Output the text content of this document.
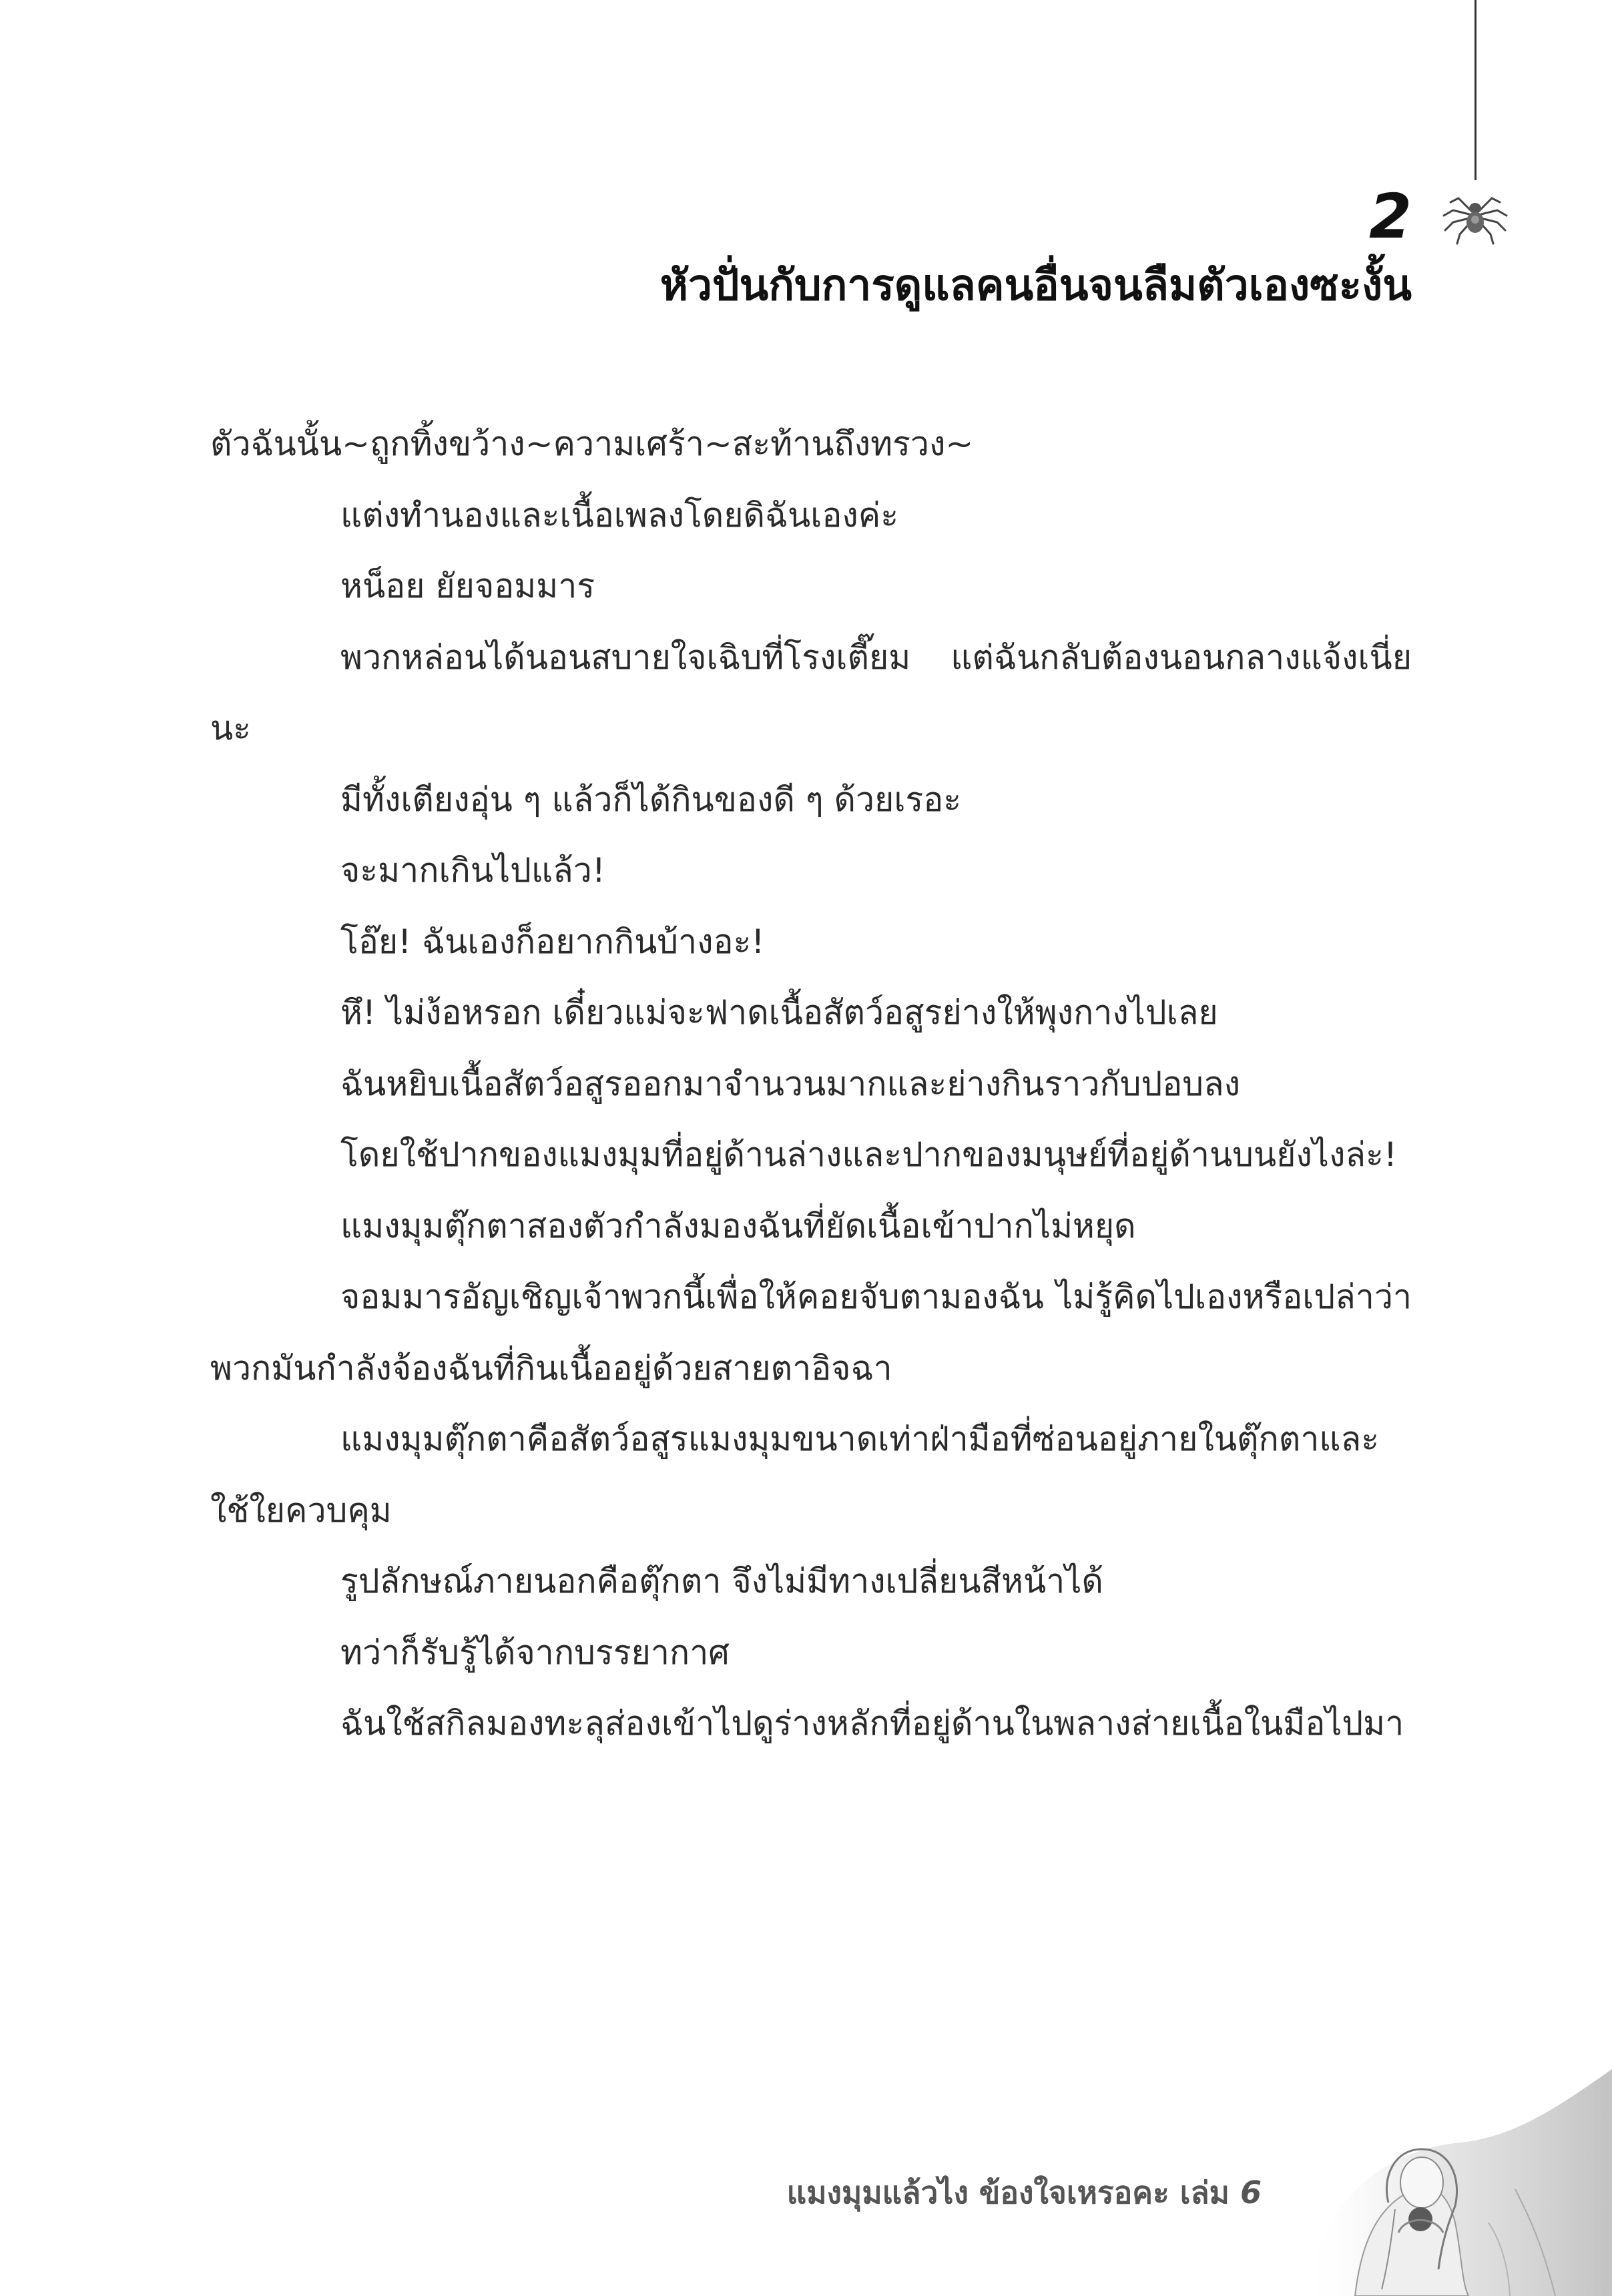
2
หัวปั่นกับการดูแลคนอื่นจนลืมตัวเองซะงั้น

ตัวฉันนั้น~ถูกทิ้งขว้าง~ความเศร้า~สะท้านถึงทรวง~

แต่งทำนองและเนื้อเพลงโดยดิฉันเองค่ะ

หน็อย ยัยจอมมาร

พวกหล่อนได้นอนสบายใจเฉิบที่โรงเตี๊ยม แต่ฉันกลับต้องนอนกลางแจ้งเนี่ยนะ

มีทั้งเตียงอุ่น ๆ แล้วก็ได้กินของดี ๆ ด้วยเรอะ

จะมากเกินไปแล้ว!

โอ๊ย! ฉันเองก็อยากกินบ้างอะ!

หึ! ไม่ง้อหรอก เดี๋ยวแม่จะฟาดเนื้อสัตว์อสูรย่างให้พุงกางไปเลย

ฉันหยิบเนื้อสัตว์อสูรออกมาจำนวนมากและย่างกินราวกับปอบลง

โดยใช้ปากของแมงมุมที่อยู่ด้านล่างและปากของมนุษย์ที่อยู่ด้านบนยังไงล่ะ!

แมงมุมตุ๊กตาสองตัวกำลังมองฉันที่ยัดเนื้อเข้าปากไม่หยุด

จอมมารอัญเชิญเจ้าพวกนี้เพื่อให้คอยจับตามองฉัน ไม่รู้คิดไปเองหรือเปล่าว่าพวกมันกำลังจ้องฉันที่กินเนื้ออยู่ด้วยสายตาอิจฉา

แมงมุมตุ๊กตาคือสัตว์อสูรแมงมุมขนาดเท่าฝ่ามือที่ซ่อนอยู่ภายในตุ๊กตาและใช้ใยควบคุม

รูปลักษณ์ภายนอกคือตุ๊กตา จึงไม่มีทางเปลี่ยนสีหน้าได้

ทว่าก็รับรู้ได้จากบรรยากาศ

ฉันใช้สกิลมองทะลุส่องเข้าไปดูร่างหลักที่อยู่ด้านในพลางส่ายเนื้อในมือไปมา

แมงมุมแล้วไง ข้องใจเหรอคะ เล่ม 6
